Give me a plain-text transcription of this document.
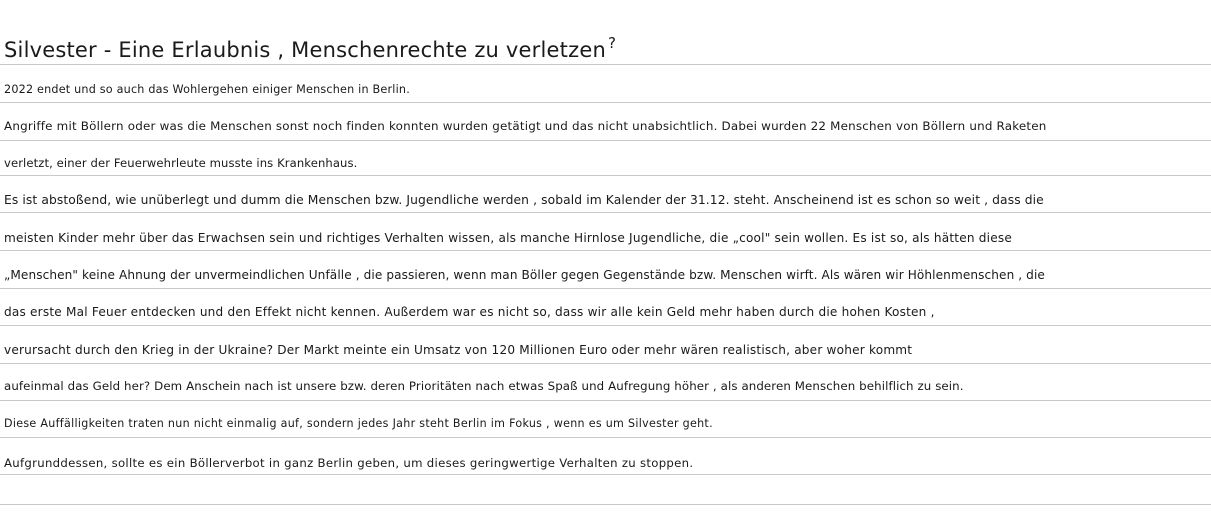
Silvester - Eine Erlaubnis , Menschenrechte zu verletzen ?
2022 endet und so auch das Wohlergehen einiger Menschen in Berlin.
Angriffe mit Böllern oder was die Menschen sonst noch finden konnten wurden getätigt und das nicht unabsichtlich. Dabei wurden 22 Menschen von Böllern und Raketen
verletzt, einer der Feuerwehrleute musste ins Krankenhaus.
Es ist abstoßend, wie unüberlegt und dumm die Menschen bzw. Jugendliche werden , sobald im Kalender der 31.12. steht. Anscheinend ist es schon so weit , dass die
meisten Kinder mehr über das Erwachsen sein und richtiges Verhalten wissen, als manche Hirnlose Jugendliche, die „cool" sein wollen. Es ist so, als hätten diese
„Menschen" keine Ahnung der unvermeindlichen Unfälle , die passieren, wenn man Böller gegen Gegenstände bzw. Menschen wirft. Als wären wir Höhlenmenschen , die
das erste Mal Feuer entdecken und den Effekt nicht kennen. Außerdem war es nicht so, dass wir alle kein Geld mehr haben durch die hohen Kosten ,
verursacht durch den Krieg in der Ukraine? Der Markt meinte ein Umsatz von 120 Millionen Euro oder mehr wären realistisch, aber woher kommt
aufeinmal das Geld her? Dem Anschein nach ist unsere bzw. deren Prioritäten nach etwas Spaß und Aufregung höher , als anderen Menschen behilflich zu sein.
Diese Auffälligkeiten traten nun nicht einmalig auf, sondern jedes Jahr steht Berlin im Fokus , wenn es um Silvester geht.
Aufgrunddessen, sollte es ein Böllerverbot in ganz Berlin geben, um dieses geringwertige Verhalten zu stoppen.
